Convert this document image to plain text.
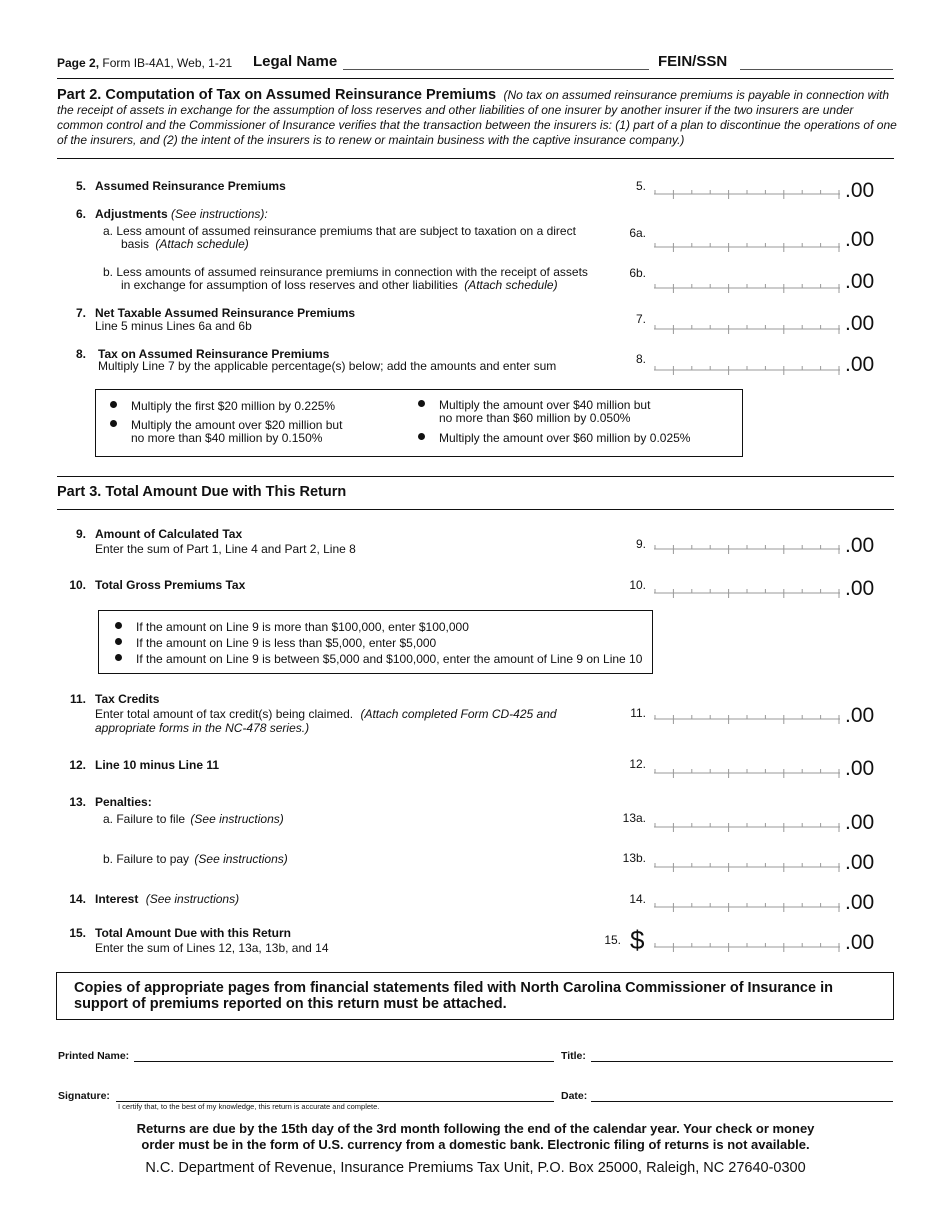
Page 2, Form IB-4A1, Web, 1-21 Legal Name	FEIN/SSN
Part 2. Computation of Tax on Assumed Reinsurance Premiums (No tax on assumed reinsurance premiums is payable in connection with the receipt of assets in exchange for the assumption of loss reserves and other liabilities of one insurer by another insurer if the two insurers are under common control and the Commissioner of Insurance verifies that the transaction between the insurers is: (1) part of a plan to discontinue the operations of one of the insurers, and (2) the intent of the insurers is to renew or maintain business with the captive insurance company.)
5. Assumed Reinsurance Premiums	5.	.00
6. Adjustments (See instructions):
a. Less amount of assumed reinsurance premiums that are subject to taxation on a direct
basis (Attach schedule)
6a.	.00
b. Less amounts of assumed reinsurance premiums in connection with the receipt of assets
in exchange for assumption of loss reserves and other liabilities (Attach schedule)
6b.	.00
7. Net Taxable Assumed Reinsurance Premiums
Line 5 minus Lines 6a and 6b	7.	.00
8. Tax on Assumed Reinsurance Premiums
Multiply Line 7 by the applicable percentage(s) below; add the amounts and enter sum	8.	.00
Multiply the first $20 million by 0.225%
Multiply the amount over $20 million but
no more than $40 million by 0.150%
Multiply the amount over $40 million but
no more than $60 million by 0.050%
Multiply the amount over $60 million by 0.025%
Part 3. Total Amount Due with This Return
9. Amount of Calculated Tax
Enter the sum of Part 1, Line 4 and Part 2, Line 8	9.	.00
10. Total Gross Premiums Tax	10.	.00
If the amount on Line 9 is more than $100,000, enter $100,000
If the amount on Line 9 is less than $5,000, enter $5,000
If the amount on Line 9 is between $5,000 and $100,000, enter the amount of Line 9 on Line 10
11. Tax Credits
Enter total amount of tax credit(s) being claimed. (Attach completed Form CD-425 and
appropriate forms in the NC-478 series.)
11.	.00
12. Line 10 minus Line 11	12.	.00
13. Penalties:
a. Failure to file (See instructions)	13a.	.00
b. Failure to pay (See instructions)	13b.	.00
14. Interest (See instructions)	14.	.00
15. Total Amount Due with this Return
Enter the sum of Lines 12, 13a, 13b, and 14
15. $	.00
Copies of appropriate pages from financial statements filed with North Carolina Commissioner of Insurance in support of premiums reported on this return must be attached.
Printed Name:	Title:
Signature:
I certify that, to the best of my knowledge, this return is accurate and complete.
Date:
Returns are due by the 15th day of the 3rd month following the end of the calendar year. Your check or money
order must be in the form of U.S. currency from a domestic bank. Electronic filing of returns is not available.
N.C. Department of Revenue, Insurance Premiums Tax Unit, P.O. Box 25000, Raleigh, NC 27640-0300
